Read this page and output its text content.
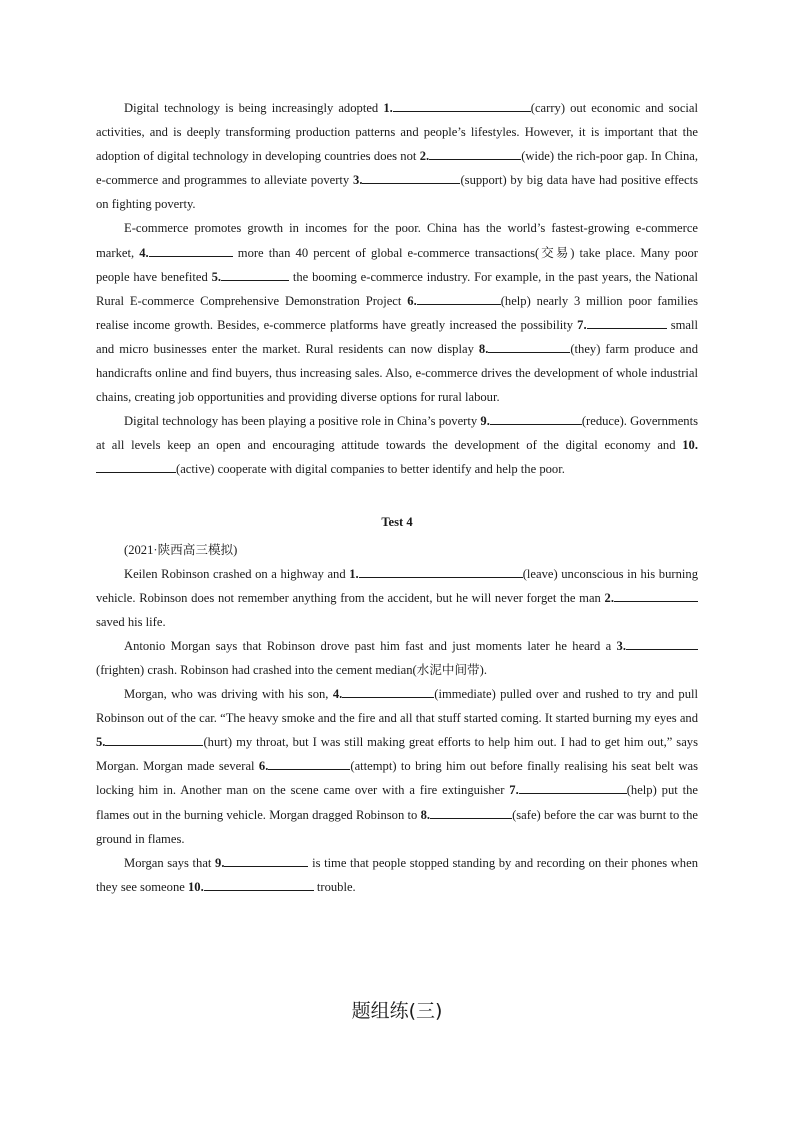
Digital technology is being increasingly adopted 1.	(carry) out economic and social activities, and is deeply transforming production patterns and people’s lifestyles. However, it is important that the adoption of digital technology in developing countries does not 2.	(wide) the rich-poor gap. In China, e-commerce and programmes to alleviate poverty 3.	(support) by big data have had positive effects on fighting poverty.

E-commerce promotes growth in incomes for the poor. China has the world’s fastest-growing e-commerce market, 4.	more than 40 percent of global e-commerce transactions(交易) take place. Many poor people have benefited 5.	the booming e-commerce industry. For example, in the past years, the National Rural E-commerce Comprehensive Demonstration Project 6.	(help) nearly 3 million poor families realise income growth. Besides, e-commerce platforms have greatly increased the possibility 7.	small and micro businesses enter the market. Rural residents can now display 8.	(they) farm produce and handicrafts online and find buyers, thus increasing sales. Also, e-commerce drives the development of whole industrial chains, creating job opportunities and providing diverse options for rural labour.

Digital technology has been playing a positive role in China’s poverty 9.	(reduce). Governments at all levels keep an open and encouraging attitude towards the development of the digital economy and 10.(active) cooperate with digital companies to better identify and help the poor.

Test 4

(2021·陕西高三模拟)

Keilen Robinson crashed on a highway and 1.	(leave) unconscious in his burning vehicle. Robinson does not remember anything from the accident, but he will never forget the man 2. saved his life.

Antonio Morgan says that Robinson drove past him fast and just moments later he heard a 3.(frighten) crash. Robinson had crashed into the cement median(水泥中间带).

Morgan, who was driving with his son, 4.	(immediate) pulled over and rushed to try and pull Robinson out of the car. “The heavy smoke and the fire and all that stuff started coming. It started burning my eyes and 5.	(hurt) my throat, but I was still making great efforts to help him out. I had to get him out,” says Morgan. Morgan made several 6.	(attempt) to bring him out before finally realising his seat belt was locking him in. Another man on the scene came over with a fire extinguisher 7.	(help) put the flames out in the burning vehicle. Morgan dragged Robinson to 8.	(safe) before the car was burnt to the ground in flames.

Morgan says that 9.	is time that people stopped standing by and recording on their phones when they see someone 10.	trouble.

题组练(三)
